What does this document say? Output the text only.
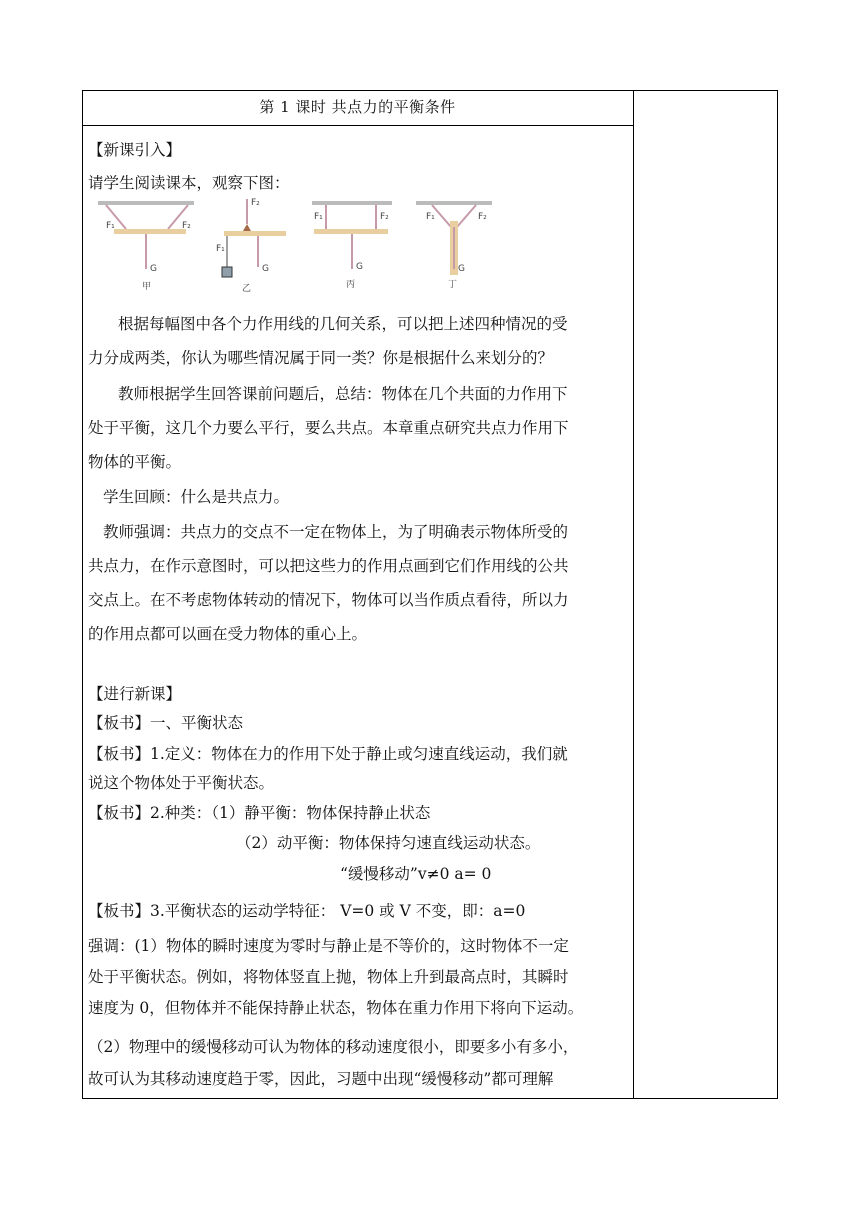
第 1 课时 共点力的平衡条件
【新课引入】
请学生阅读课本，观察下图：
根据每幅图中各个力作用线的几何关系，可以把上述四种情况的受
力分成两类，你认为哪些情况属于同一类？你是根据什么来划分的？
教师根据学生回答课前问题后，总结：物体在几个共面的力作用下
处于平衡，这几个力要么平行，要么共点。本章重点研究共点力作用下
物体的平衡。
学生回顾：什么是共点力。
教师强调：共点力的交点不一定在物体上，为了明确表示物体所受的
共点力，在作示意图时，可以把这些力的作用点画到它们作用线的公共
交点上。在不考虑物体转动的情况下，物体可以当作质点看待，所以力
的作用点都可以画在受力物体的重心上。
【进行新课】
【板书】一、平衡状态
【板书】1.定义：物体在力的作用下处于静止或匀速直线运动，我们就
说这个物体处于平衡状态。
【板书】2.种类：（1）静平衡：物体保持静止状态
（2）动平衡：物体保持匀速直线运动状态。
“缓慢移动”v≠0 a= 0
【板书】3.平衡状态的运动学特征： V=0 或 V 不变，即：a=0
强调：(1）物体的瞬时速度为零时与静止是不等价的，这时物体不一定
处于平衡状态。例如，将物体竖直上抛，物体上升到最高点时，其瞬时
速度为 0，但物体并不能保持静止状态，物体在重力作用下将向下运动。
（2）物理中的缓慢移动可认为物体的移动速度很小，即要多小有多小，
故可认为其移动速度趋于零，因此，习题中出现“缓慢移动”都可理解
F₁	F₂
G
甲
F₂
F₁
G
乙
F₁	F₂
G
丙
F₁	F₂
G
丁
